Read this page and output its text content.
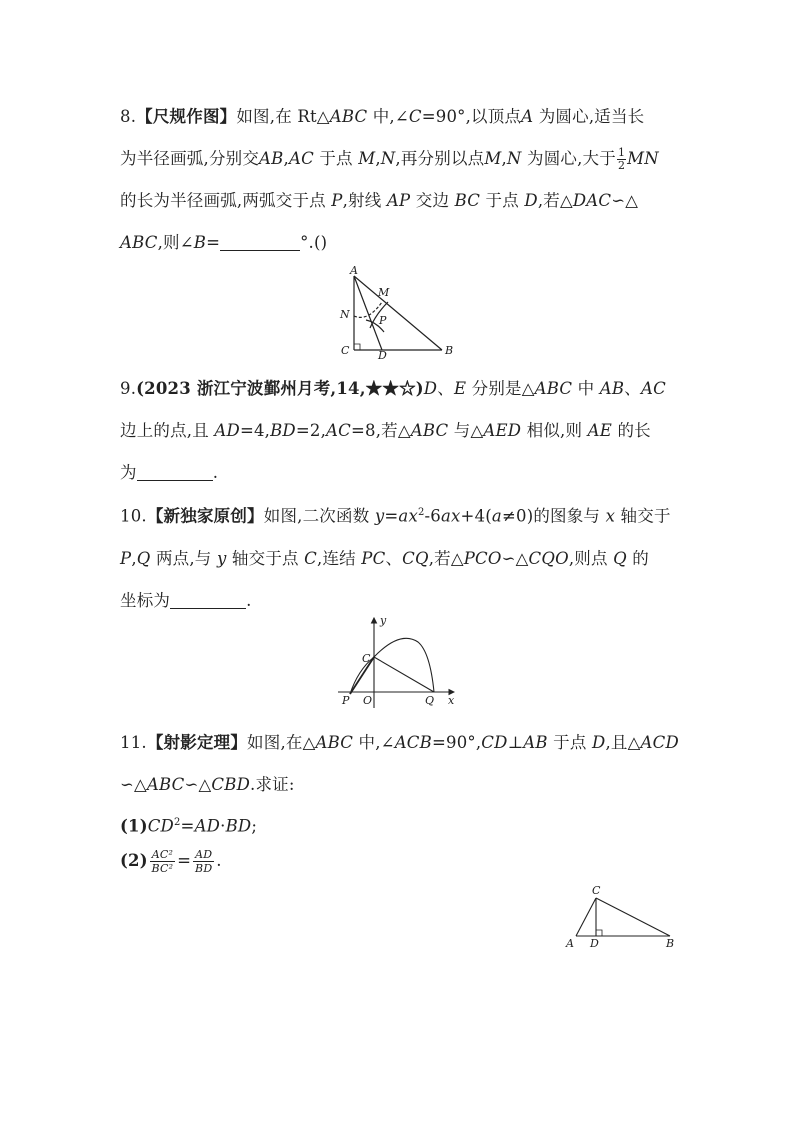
8.【尺规作图】如图,在 Rt△ABC 中,∠C=90°,以顶点A 为圆心,适当长
为半径画弧,分别交AB,AC 于点 M,N,再分别以点M,N 为圆心,大于 $\frac{1}{2}$ MN
的长为半径画弧,两弧交于点 P,射线 AP 交边 BC 于点 D,若△DAC∽△
ABC,则∠B=	°.()
A
M
N	P
C	D	B
9.(2023 浙江宁波鄞州月考,14,★★☆)D、E 分别是△ABC 中 AB、AC
边上的点,且 AD=4,BD=2,AC=8,若△ABC 与△AED 相似,则 AE 的长
为	.
10.【新独家原创】如图,二次函数 $y=ax^2-6ax+4(a\ne 0)$的图象与 x 轴交于
P,Q 两点,与 y 轴交于点 C,连结 PC、CQ,若△PCO∽△CQO,则点 Q 的
坐标为	.
y
C
P O	Q x
11.【射影定理】如图,在△ABC 中,∠ACB=90°,CD⊥AB 于点 D,且△ACD
∽△ABC∽△CBD.求证:
$(1)CD^2=AD\cdot BD$;
$(2) \frac{\text{AC²}}{\text{BC²}} = \frac{AD}{BD}$ .
C
A D	B
